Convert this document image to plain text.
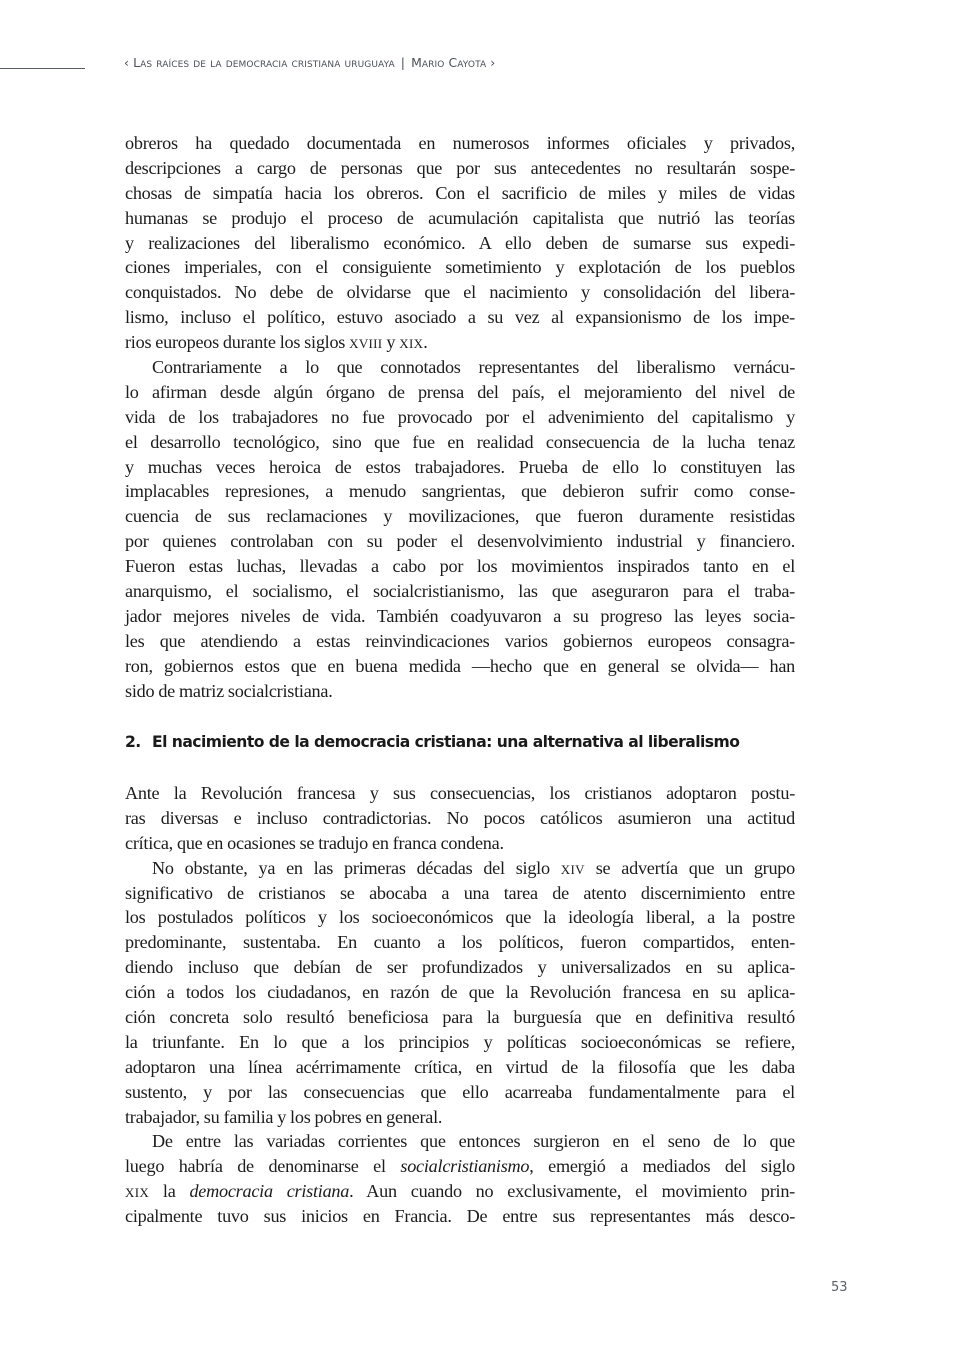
‹ Las raíces de la democracia cristiana uruguaya | Mario Cayota ›
obreros ha quedado documentada en numerosos informes oficiales y privados,
descripciones a cargo de personas que por sus antecedentes no resultarán sospe-
chosas de simpatía hacia los obreros. Con el sacrificio de miles y miles de vidas
humanas se produjo el proceso de acumulación capitalista que nutrió las teorías
y realizaciones del liberalismo económico. A ello deben de sumarse sus expedi-
ciones imperiales, con el consiguiente sometimiento y explotación de los pueblos
conquistados. No debe de olvidarse que el nacimiento y consolidación del libera-
lismo, incluso el político, estuvo asociado a su vez al expansionismo de los impe-
rios europeos durante los siglos xviii y xix.
Contrariamente a lo que connotados representantes del liberalismo vernácu-
lo afirman desde algún órgano de prensa del país, el mejoramiento del nivel de
vida de los trabajadores no fue provocado por el advenimiento del capitalismo y
el desarrollo tecnológico, sino que fue en realidad consecuencia de la lucha tenaz
y muchas veces heroica de estos trabajadores. Prueba de ello lo constituyen las
implacables represiones, a menudo sangrientas, que debieron sufrir como conse-
cuencia de sus reclamaciones y movilizaciones, que fueron duramente resistidas
por quienes controlaban con su poder el desenvolvimiento industrial y financiero.
Fueron estas luchas, llevadas a cabo por los movimientos inspirados tanto en el
anarquismo, el socialismo, el socialcristianismo, las que aseguraron para el traba-
jador mejores niveles de vida. También coadyuvaron a su progreso las leyes socia-
les que atendiendo a estas reinvindicaciones varios gobiernos europeos consagra-
ron, gobiernos estos que en buena medida —hecho que en general se olvida— han
sido de matriz socialcristiana.
2. El nacimiento de la democracia cristiana: una alternativa al liberalismo
Ante la Revolución francesa y sus consecuencias, los cristianos adoptaron postu-
ras diversas e incluso contradictorias. No pocos católicos asumieron una actitud
crítica, que en ocasiones se tradujo en franca condena.
No obstante, ya en las primeras décadas del siglo xiv se advertía que un grupo
significativo de cristianos se abocaba a una tarea de atento discernimiento entre
los postulados políticos y los socioeconómicos que la ideología liberal, a la postre
predominante, sustentaba. En cuanto a los políticos, fueron compartidos, enten-
diendo incluso que debían de ser profundizados y universalizados en su aplica-
ción a todos los ciudadanos, en razón de que la Revolución francesa en su aplica-
ción concreta solo resultó beneficiosa para la burguesía que en definitiva resultó
la triunfante. En lo que a los principios y políticas socioeconómicas se refiere,
adoptaron una línea acérrimamente crítica, en virtud de la filosofía que les daba
sustento, y por las consecuencias que ello acarreaba fundamentalmente para el
trabajador, su familia y los pobres en general.
De entre las variadas corrientes que entonces surgieron en el seno de lo que
luego habría de denominarse el socialcristianismo, emergió a mediados del siglo
xix la democracia cristiana. Aun cuando no exclusivamente, el movimiento prin-
cipalmente tuvo sus inicios en Francia. De entre sus representantes más desco-
53
